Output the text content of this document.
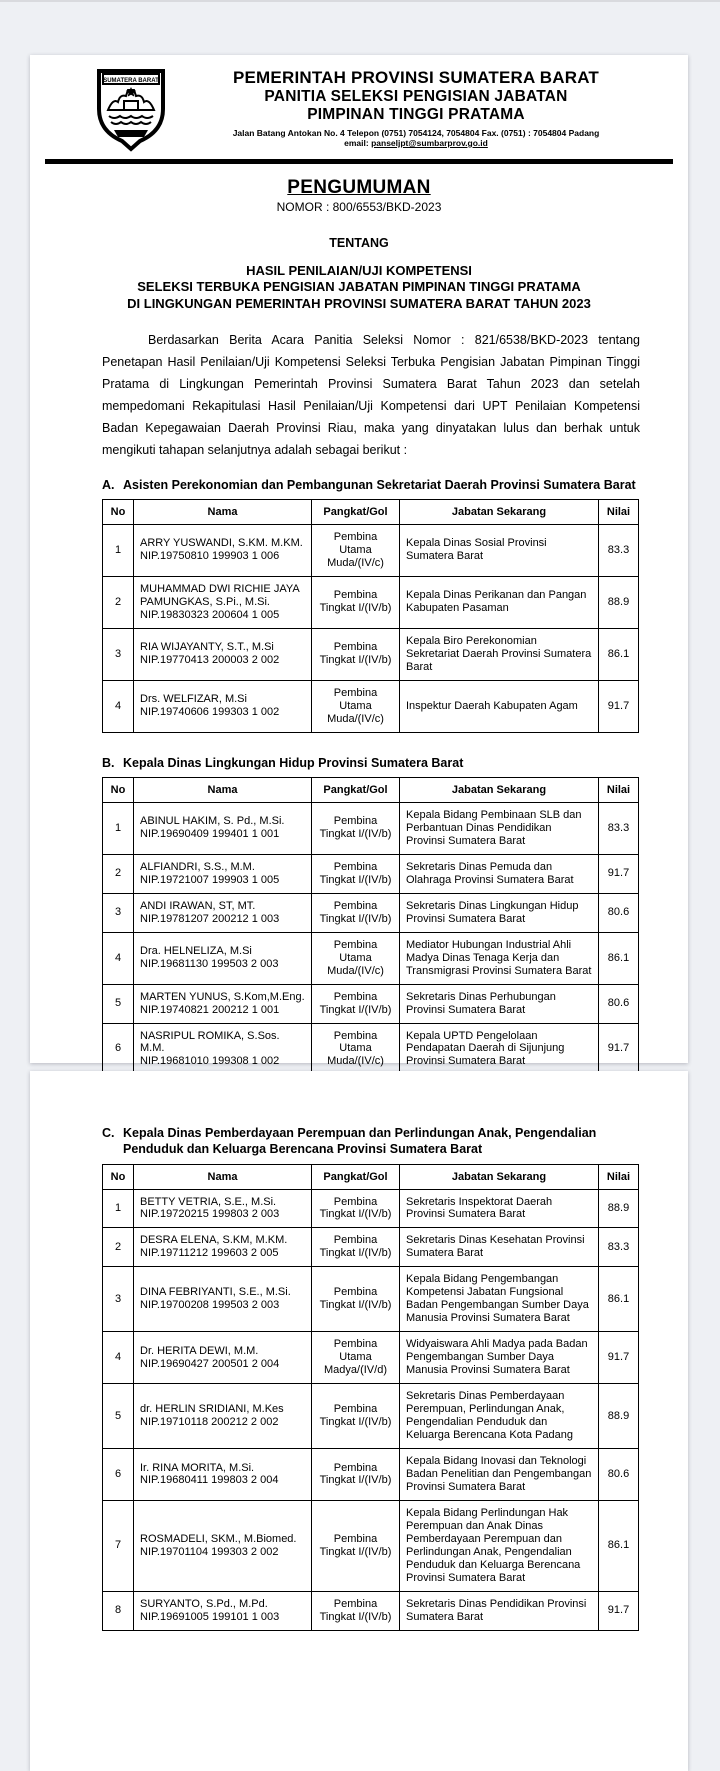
SUMATERA BARAT	PEMERINTAH PROVINSI SUMATERA BARAT
PANITIA SELEKSI PENGISIAN JABATAN
PIMPINAN TINGGI PRATAMA
Jalan Batang Antokan No. 4 Telepon (0751) 7054124, 7054804 Fax. (0751) : 7054804 Padang
email: panseljpt@sumbarprov.go.id
PENGUMUMAN
NOMOR : 800/6553/BKD-2023
TENTANG
HASIL PENILAIAN/UJI KOMPETENSI
SELEKSI TERBUKA PENGISIAN JABATAN PIMPINAN TINGGI PRATAMA
DI LINGKUNGAN PEMERINTAH PROVINSI SUMATERA BARAT TAHUN 2023

Berdasarkan Berita Acara Panitia Seleksi Nomor : 821/6538/BKD-2023 tentang Penetapan Hasil Penilaian/Uji Kompetensi Seleksi Terbuka Pengisian Jabatan Pimpinan Tinggi Pratama di Lingkungan Pemerintah Provinsi Sumatera Barat Tahun 2023 dan setelah mempedomani Rekapitulasi Hasil Penilaian/Uji Kompetensi dari UPT Penilaian Kompetensi Badan Kepegawaian Daerah Provinsi Riau, maka yang dinyatakan lulus dan berhak untuk mengikuti tahapan selanjutnya adalah sebagai berikut :

A. Asisten Perekonomian dan Pembangunan Sekretariat Daerah Provinsi Sumatera Barat
No	Nama	Pangkat/Gol	Jabatan Sekarang	Nilai
1	ARRY YUSWANDI, S.KM. M.KM.
NIP.19750810 199903 1 006	Pembina Utama Muda/(IV/c)	Kepala Dinas Sosial Provinsi Sumatera Barat	83.3
2	MUHAMMAD DWI RICHIE JAYA PAMUNGKAS, S.Pi., M.Si.
NIP.19830323 200604 1 005	Pembina Tingkat I/(IV/b)	Kepala Dinas Perikanan dan Pangan Kabupaten Pasaman	88.9
3	RIA WIJAYANTY, S.T., M.Si
NIP.19770413 200003 2 002	Pembina Tingkat I/(IV/b)	Kepala Biro Perekonomian Sekretariat Daerah Provinsi Sumatera Barat	86.1
4	Drs. WELFIZAR, M.Si
NIP.19740606 199303 1 002	Pembina Utama Muda/(IV/c)	Inspektur Daerah Kabupaten Agam	91.7
B. Kepala Dinas Lingkungan Hidup Provinsi Sumatera Barat
No	Nama	Pangkat/Gol	Jabatan Sekarang	Nilai
1	ABINUL HAKIM, S. Pd., M.Si.
NIP.19690409 199401 1 001	Pembina Tingkat I/(IV/b)	Kepala Bidang Pembinaan SLB dan Perbantuan Dinas Pendidikan Provinsi Sumatera Barat	83.3
2	ALFIANDRI, S.S., M.M.
NIP.19721007 199903 1 005	Pembina Tingkat I/(IV/b)	Sekretaris Dinas Pemuda dan Olahraga Provinsi Sumatera Barat	91.7
3	ANDI IRAWAN, ST, MT.
NIP.19781207 200212 1 003	Pembina Tingkat I/(IV/b)	Sekretaris Dinas Lingkungan Hidup Provinsi Sumatera Barat	80.6
4	Dra. HELNELIZA, M.Si
NIP.19681130 199503 2 003	Pembina Utama Muda/(IV/c)	Mediator Hubungan Industrial Ahli Madya Dinas Tenaga Kerja dan Transmigrasi Provinsi Sumatera Barat	86.1
5	MARTEN YUNUS, S.Kom,M.Eng.
NIP.19740821 200212 1 001	Pembina Tingkat I/(IV/b)	Sekretaris Dinas Perhubungan Provinsi Sumatera Barat	80.6
6	NASRIPUL ROMIKA, S.Sos. M.M.
NIP.19681010 199308 1 002	Pembina Utama Muda/(IV/c)	Kepala UPTD Pengelolaan Pendapatan Daerah di Sijunjung Provinsi Sumatera Barat	91.7

C. Kepala Dinas Pemberdayaan Perempuan dan Perlindungan Anak, Pengendalian Penduduk dan Keluarga Berencana Provinsi Sumatera Barat
No	Nama	Pangkat/Gol	Jabatan Sekarang	Nilai
1	BETTY VETRIA, S.E., M.Si.
NIP.19720215 199803 2 003	Pembina Tingkat I/(IV/b)	Sekretaris Inspektorat Daerah Provinsi Sumatera Barat	88.9
2	DESRA ELENA, S.KM, M.KM.
NIP.19711212 199603 2 005	Pembina Tingkat I/(IV/b)	Sekretaris Dinas Kesehatan Provinsi Sumatera Barat	83.3
3	DINA FEBRIYANTI, S.E., M.Si.
NIP.19700208 199503 2 003	Pembina Tingkat I/(IV/b)	Kepala Bidang Pengembangan Kompetensi Jabatan Fungsional Badan Pengembangan Sumber Daya Manusia Provinsi Sumatera Barat	86.1
4	Dr. HERITA DEWI, M.M.
NIP.19690427 200501 2 004	Pembina Utama Madya/(IV/d)	Widyaiswara Ahli Madya pada Badan Pengembangan Sumber Daya Manusia Provinsi Sumatera Barat	91.7
5	dr. HERLIN SRIDIANI, M.Kes
NIP.19710118 200212 2 002	Pembina Tingkat I/(IV/b)	Sekretaris Dinas Pemberdayaan Perempuan, Perlindungan Anak, Pengendalian Penduduk dan Keluarga Berencana Kota Padang	88.9
6	Ir. RINA MORITA, M.Si.
NIP.19680411 199803 2 004	Pembina Tingkat I/(IV/b)	Kepala Bidang Inovasi dan Teknologi Badan Penelitian dan Pengembangan Provinsi Sumatera Barat	80.6
7	ROSMADELI, SKM., M.Biomed.
NIP.19701104 199303 2 002	Pembina Tingkat I/(IV/b)	Kepala Bidang Perlindungan Hak Perempuan dan Anak Dinas Pemberdayaan Perempuan dan Perlindungan Anak, Pengendalian Penduduk dan Keluarga Berencana Provinsi Sumatera Barat	86.1
8	SURYANTO, S.Pd., M.Pd.
NIP.19691005 199101 1 003	Pembina Tingkat I/(IV/b)	Sekretaris Dinas Pendidikan Provinsi Sumatera Barat	91.7
